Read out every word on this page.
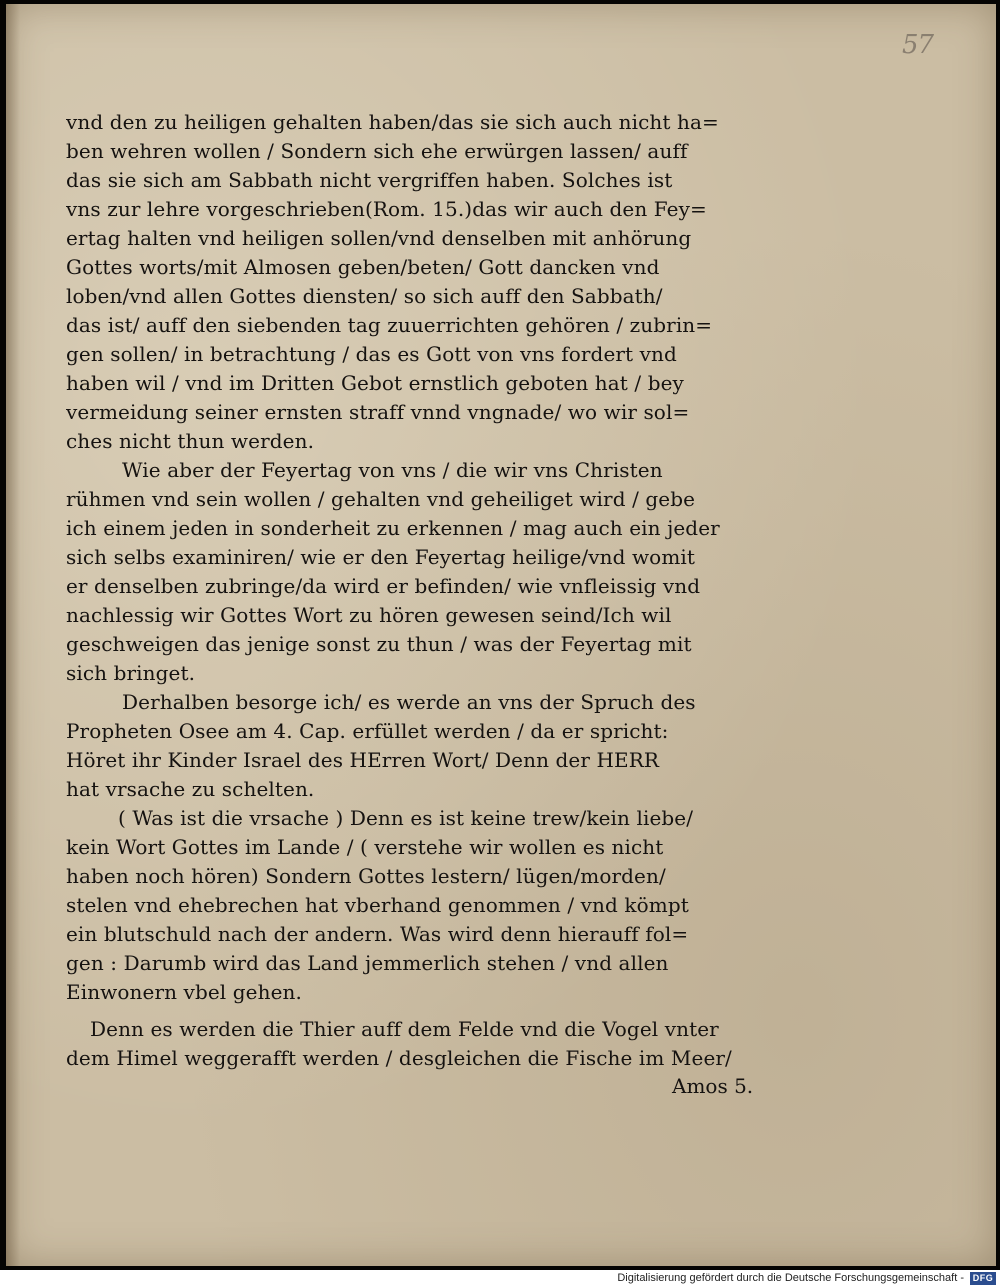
57
vnd den zu heiligen gehalten haben/das sie sich auch nicht ha=
ben wehren wollen / Sondern sich ehe erwürgen lassen/ auff
das sie sich am Sabbath nicht vergriffen haben. Solches ist
vns zur lehre vorgeschrieben(Rom. 15.)das wir auch den Fey=
ertag halten vnd heiligen sollen/vnd denselben mit anhörung
Gottes worts/mit Almosen geben/beten/ Gott dancken vnd
loben/vnd allen Gottes diensten/ so sich auff den Sabbath/
das ist/ auff den siebenden tag zuuerrichten gehören / zubrin=
gen sollen/ in betrachtung / das es Gott von vns fordert vnd
haben wil / vnd im Dritten Gebot ernstlich geboten hat / bey
vermeidung seiner ernsten straff vnnd vngnade/ wo wir sol=
ches nicht thun werden.
Wie aber der Feyertag von vns / die wir vns Christen
rühmen vnd sein wollen / gehalten vnd geheiliget wird / gebe
ich einem jeden in sonderheit zu erkennen / mag auch ein jeder
sich selbs examiniren/ wie er den Feyertag heilige/vnd womit
er denselben zubringe/da wird er befinden/ wie vnfleissig vnd
nachlessig wir Gottes Wort zu hören gewesen seind/Ich wil
geschweigen das jenige sonst zu thun / was der Feyertag mit
sich bringet.
Derhalben besorge ich/ es werde an vns der Spruch des
Propheten Osee am 4. Cap. erfüllet werden / da er spricht:
Höret ihr Kinder Israel des HErren Wort/ Denn der HERR
hat vrsache zu schelten.
( Was ist die vrsache ) Denn es ist keine trew/kein liebe/
kein Wort Gottes im Lande / ( verstehe wir wollen es nicht
haben noch hören) Sondern Gottes lestern/ lügen/morden/
stelen vnd ehebrechen hat vberhand genommen / vnd kömpt
ein blutschuld nach der andern. Was wird denn hierauff fol=
gen : Darumb wird das Land jemmerlich stehen / vnd allen
Einwonern vbel gehen.
Denn es werden die Thier auff dem Felde vnd die Vogel vnter
dem Himel weggerafft werden / desgleichen die Fische im Meer/
Amos 5.
Digitalisierung gefördert durch die Deutsche Forschungsgemeinschaft - DFG
